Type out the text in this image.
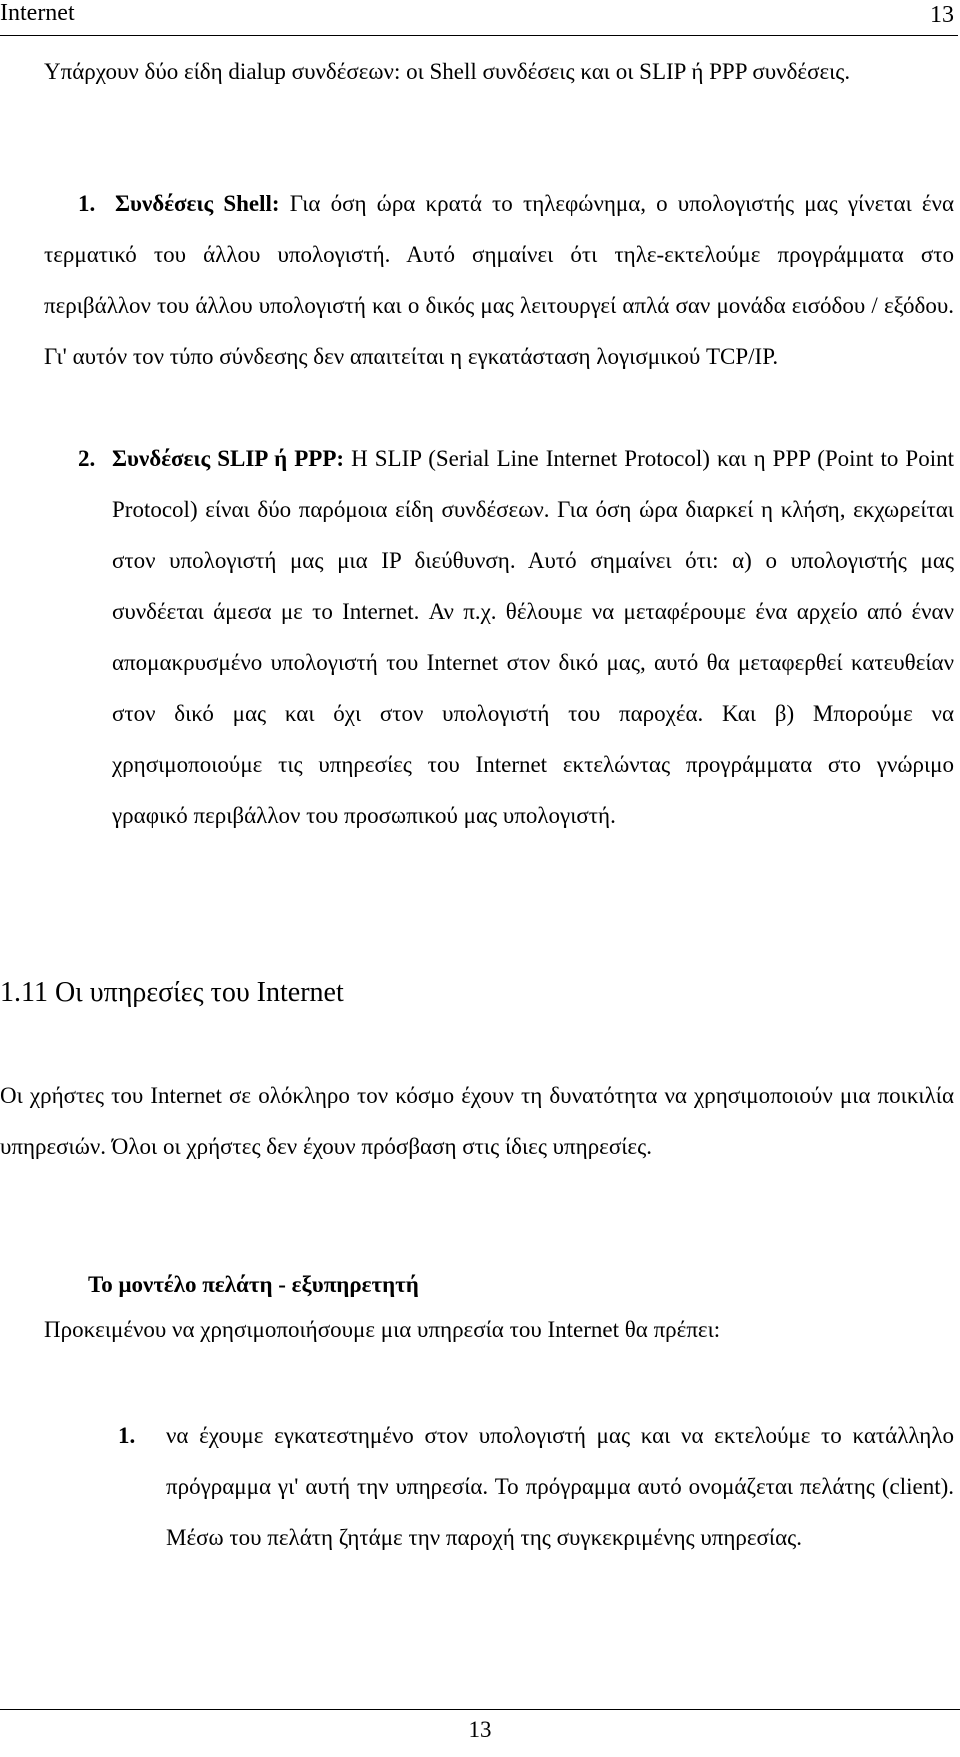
Internet	13
Υπάρχουν δύο είδη dialup συνδέσεων: οι Shell συνδέσεις και οι SLIP ή PPP συνδέσεις.
1. Συνδέσεις Shell: Για όση ώρα κρατά το τηλεφώνημα, ο υπολογιστής μας γίνεται ένα τερματικό του άλλου υπολογιστή. Αυτό σημαίνει ότι τηλε-εκτελούμε προγράμματα στο περιβάλλον του άλλου υπολογιστή και ο δικός μας λειτουργεί απλά σαν μονάδα εισόδου / εξόδου. Γι' αυτόν τον τύπο σύνδεσης δεν απαιτείται η εγκατάσταση λογισμικού TCP/IP.
2. Συνδέσεις SLIP ή PPP: Η SLIP (Serial Line Internet Protocol) και η PPP (Point to Point Protocol) είναι δύο παρόμοια είδη συνδέσεων. Για όση ώρα διαρκεί η κλήση, εκχωρείται στον υπολογιστή μας μια IP διεύθυνση. Αυτό σημαίνει ότι: α) ο υπολογιστής μας συνδέεται άμεσα με το Internet. Αν π.χ. θέλουμε να μεταφέρουμε ένα αρχείο από έναν απομακρυσμένο υπολογιστή του Internet στον δικό μας, αυτό θα μεταφερθεί κατευθείαν στον δικό μας και όχι στον υπολογιστή του παροχέα. Και β) Μπορούμε να χρησιμοποιούμε τις υπηρεσίες του Internet εκτελώντας προγράμματα στο γνώριμο γραφικό περιβάλλον του προσωπικού μας υπολογιστή.
1.11 Οι υπηρεσίες του Internet
Οι χρήστες του Internet σε ολόκληρο τον κόσμο έχουν τη δυνατότητα να χρησιμοποιούν μια ποικιλία υπηρεσιών. Όλοι οι χρήστες δεν έχουν πρόσβαση στις ίδιες υπηρεσίες.
Το μοντέλο πελάτη - εξυπηρετητή
Προκειμένου να χρησιμοποιήσουμε μια υπηρεσία του Internet θα πρέπει:
1. να έχουμε εγκατεστημένο στον υπολογιστή μας και να εκτελούμε το κατάλληλο πρόγραμμα γι' αυτή την υπηρεσία. Το πρόγραμμα αυτό ονομάζεται πελάτης (client). Μέσω του πελάτη ζητάμε την παροχή της συγκεκριμένης υπηρεσίας.
13
